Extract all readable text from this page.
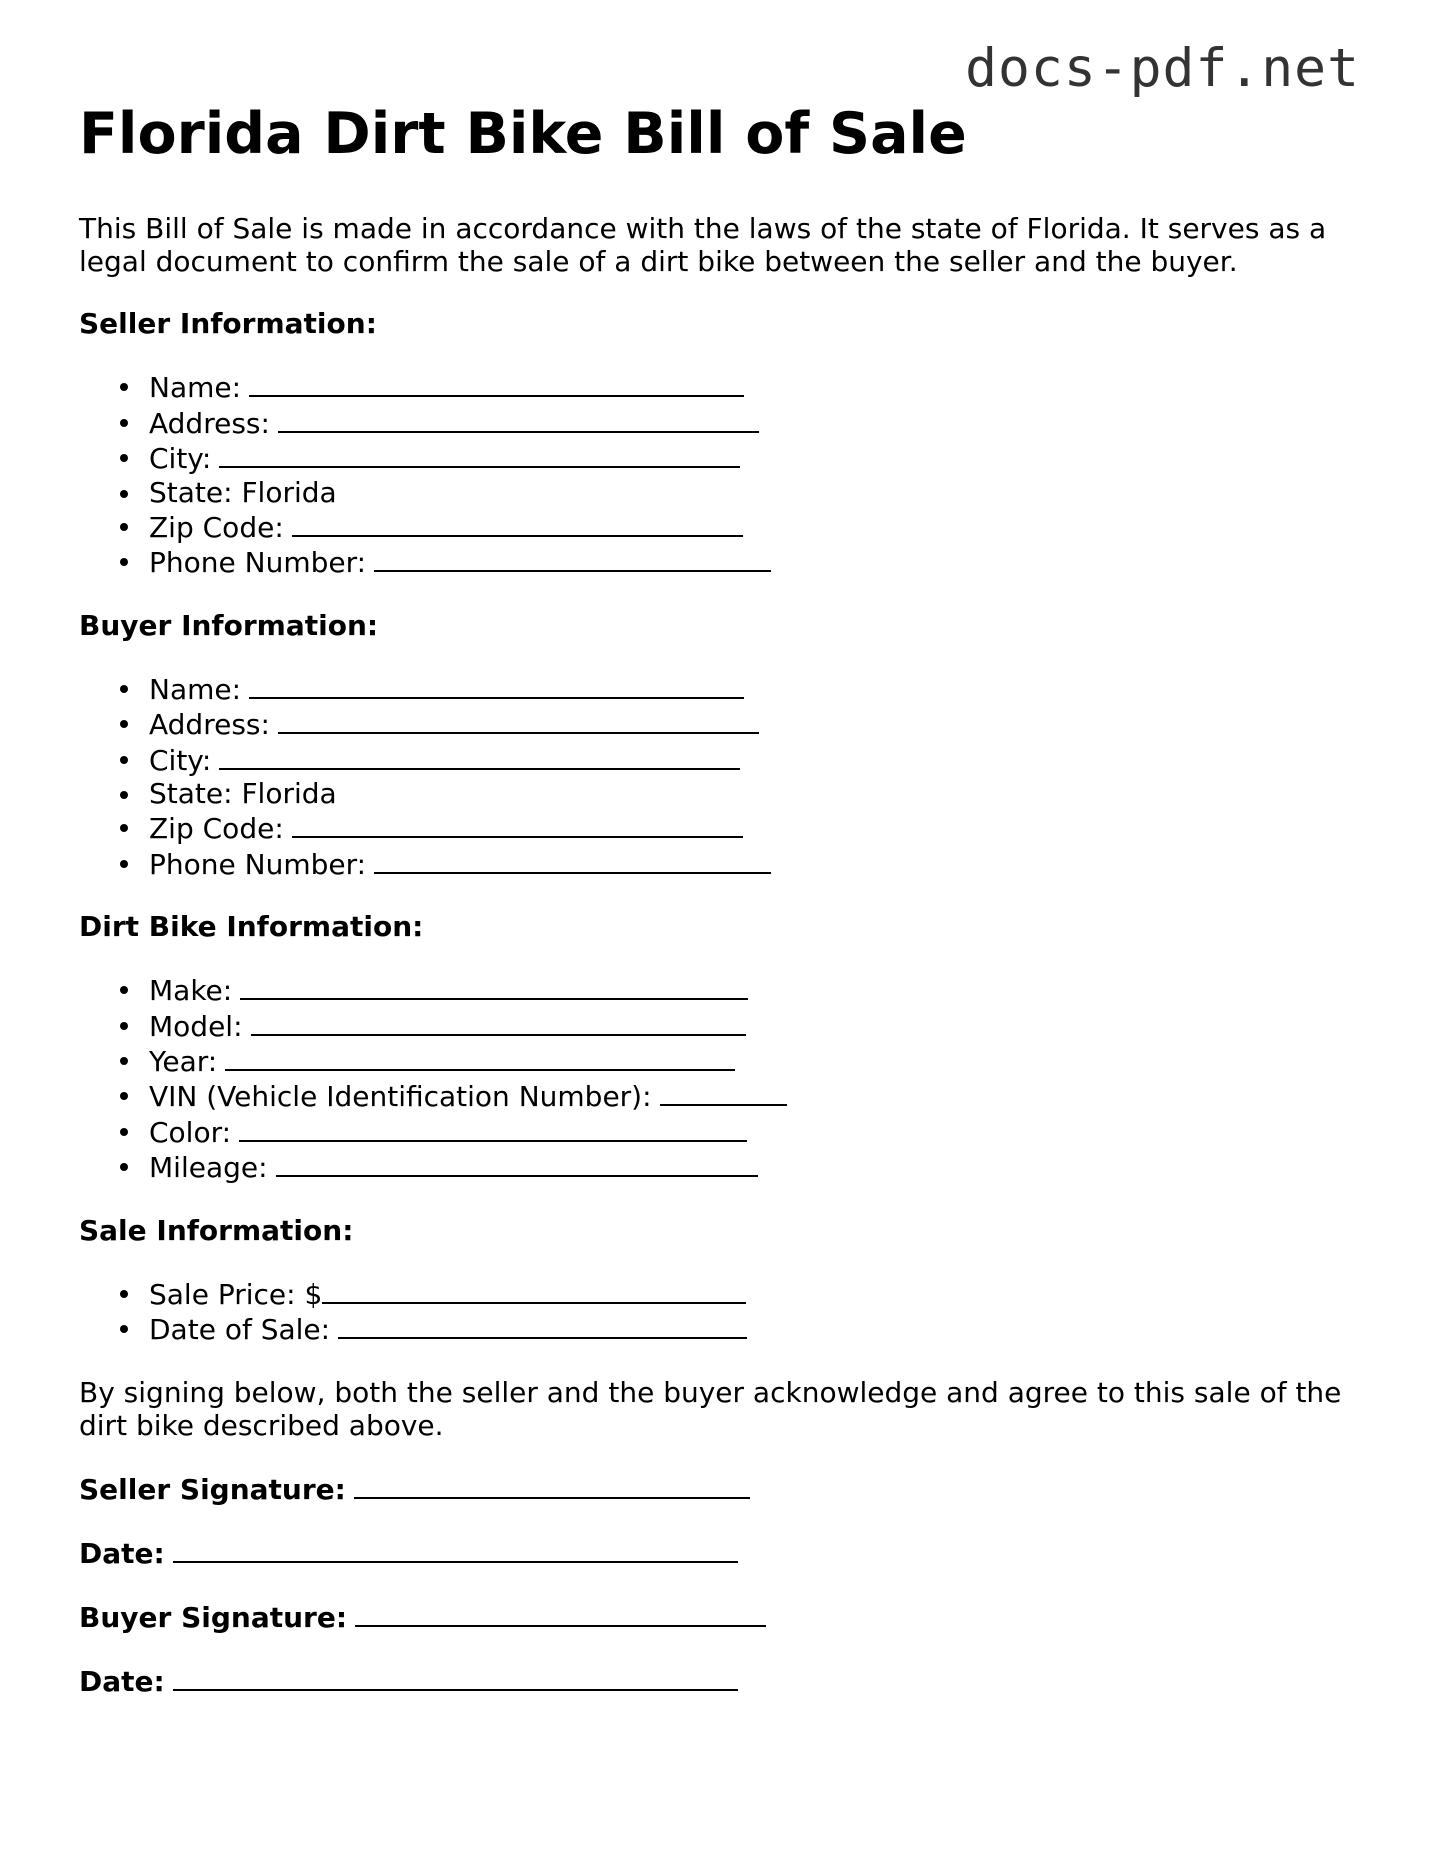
docs-pdf.net
Florida Dirt Bike Bill of Sale

This Bill of Sale is made in accordance with the laws of the state of Florida. It serves as a legal document to confirm the sale of a dirt bike between the seller and the buyer.

Seller Information:
Name:
Address:
City:
State: Florida
Zip Code:
Phone Number:
Buyer Information:
Name:
Address:
City:
State: Florida
Zip Code:
Phone Number:
Dirt Bike Information:
Make:
Model:
Year:
VIN (Vehicle Identification Number):
Color:
Mileage:
Sale Information:
Sale Price: $
Date of Sale:

By signing below, both the seller and the buyer acknowledge and agree to this sale of the dirt bike described above.

Seller Signature:
Date:
Buyer Signature:
Date:
